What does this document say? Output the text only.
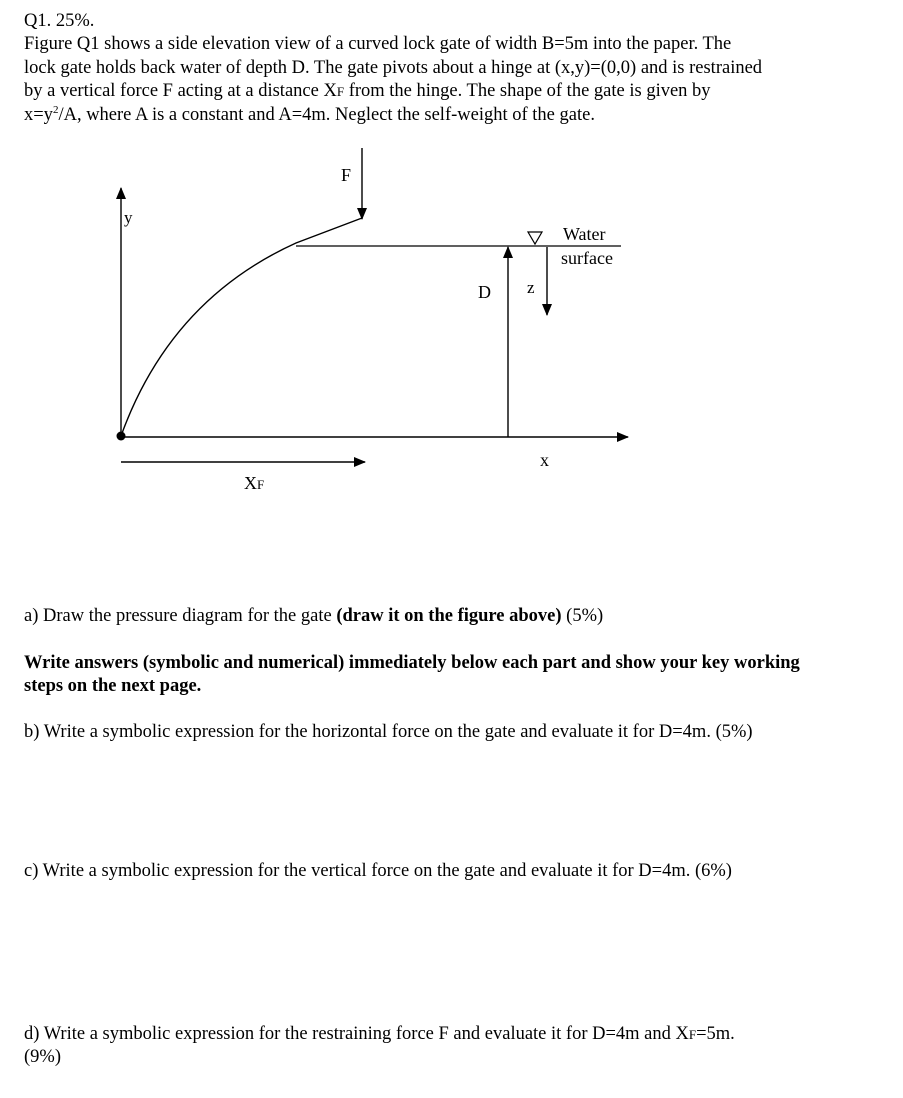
Q1. 25%.

Figure Q1 shows a side elevation view of a curved lock gate of width B=5m into the paper. The

lock gate holds back water of depth D. The gate pivots about a hinge at (x,y)=(0,0) and is restrained

by a vertical force F acting at a distance XF from the hinge. The shape of the gate is given by

$x=y^2/A$, where A is a constant and A=4m. Neglect the self-weight of the gate.

y
x
F
Water
surface
D z
XF

a) Draw the pressure diagram for the gate (draw it on the figure above) (5%)

Write answers (symbolic and numerical) immediately below each part and show your key working steps on the next page.

b) Write a symbolic expression for the horizontal force on the gate and evaluate it for D=4m. (5%)

c) Write a symbolic expression for the vertical force on the gate and evaluate it for D=4m. (6%)

d) Write a symbolic expression for the restraining force F and evaluate it for D=4m and XF=5m.
(9%)
